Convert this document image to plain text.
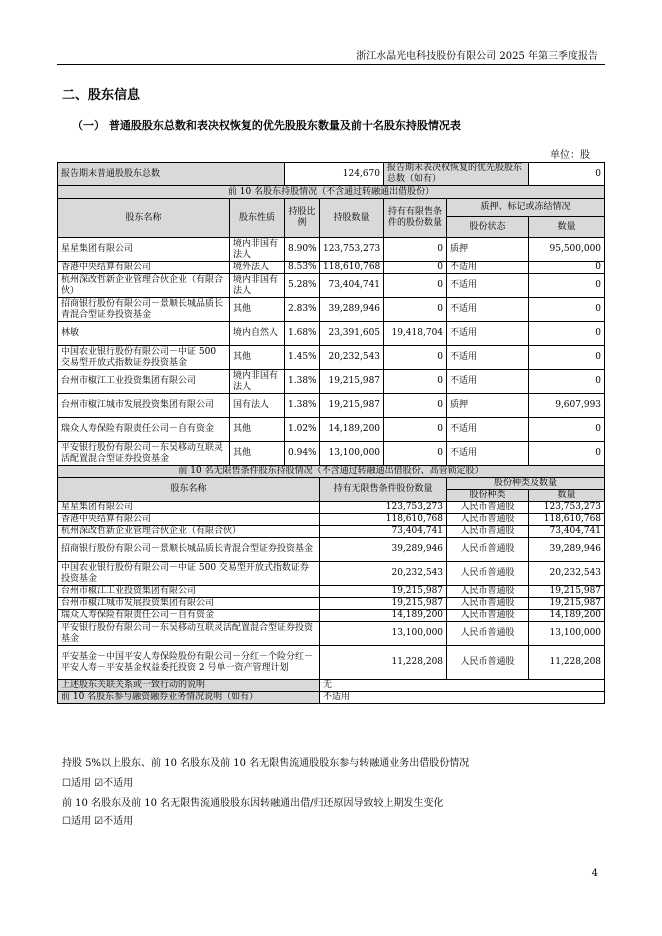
浙江水晶光电科技股份有限公司 2025 年第三季度报告
二、股东信息
（一） 普通股股东总数和表决权恢复的优先股股东数量及前十名股东持股情况表
单位：股
报告期末普通股股东总数		124,670		报告期末表决权恢复的优先股股东总数（如有）		0
前 10 名股东持股情况（不含通过转融通出借股份）						
股东名称	股东性质	持股比例	持股数量	持有有限售条件的股份数量	质押、标记或冻结情况	
					股份状态	数量
星星集团有限公司	境内非国有法人	8.90%	123,753,273	0	质押	95,500,000
香港中央结算有限公司	境外法人	8.53%	118,610,768	0	不适用	0
杭州深改哲新企业管理合伙企业（有限合伙）	境内非国有法人	5.28%	73,404,741	0	不适用	0
招商银行股份有限公司－景顺长城品质长青混合型证券投资基金	其他	2.83%	39,289,946	0	不适用	0
林敏	境内自然人	1.68%	23,391,605	19,418,704	不适用	0
中国农业银行股份有限公司－中证 500 交易型开放式指数证券投资基金	其他	1.45%	20,232,543	0	不适用	0
台州市椒江工业投资集团有限公司	境内非国有法人	1.38%	19,215,987	0	不适用	0
台州市椒江城市发展投资集团有限公司	国有法人	1.38%	19,215,987	0	质押	9,607,993
瑞众人寿保险有限责任公司－自有资金	其他	1.02%	14,189,200	0	不适用	0
平安银行股份有限公司－东吴移动互联灵活配置混合型证券投资基金	其他	0.94%	13,100,000	0	不适用	0
前 10 名无限售条件股东持股情况（不含通过转融通出借股份、高管锁定股）						
股东名称			持有无限售条件股份数量		股份种类及数量	
					股份种类	数量
星星集团有限公司			123,753,273		人民币普通股	123,753,273
香港中央结算有限公司			118,610,768		人民币普通股	118,610,768
杭州深改哲新企业管理合伙企业（有限合伙）			73,404,741		人民币普通股	73,404,741
招商银行股份有限公司－景顺长城品质长青混合型证券投资基金			39,289,946		人民币普通股	39,289,946
中国农业银行股份有限公司－中证 500 交易型开放式指数证券投资基金			20,232,543		人民币普通股	20,232,543
台州市椒江工业投资集团有限公司			19,215,987		人民币普通股	19,215,987
台州市椒江城市发展投资集团有限公司			19,215,987		人民币普通股	19,215,987
瑞众人寿保险有限责任公司－自有资金			14,189,200		人民币普通股	14,189,200
平安银行股份有限公司－东吴移动互联灵活配置混合型证券投资基金			13,100,000		人民币普通股	13,100,000
平安基金－中国平安人寿保险股份有限公司－分红－个险分红－平安人寿－平安基金权益委托投资 2 号单一资产管理计划			11,228,208		人民币普通股	11,228,208
上述股东关联关系或一致行动的说明			无			
前 10 名股东参与融资融券业务情况说明（如有）			不适用			
持股 5%以上股东、前 10 名股东及前 10 名无限售流通股股东参与转融通业务出借股份情况
☐适用 ☑不适用
前 10 名股东及前 10 名无限售流通股股东因转融通出借/归还原因导致较上期发生变化
☐适用 ☑不适用
4
